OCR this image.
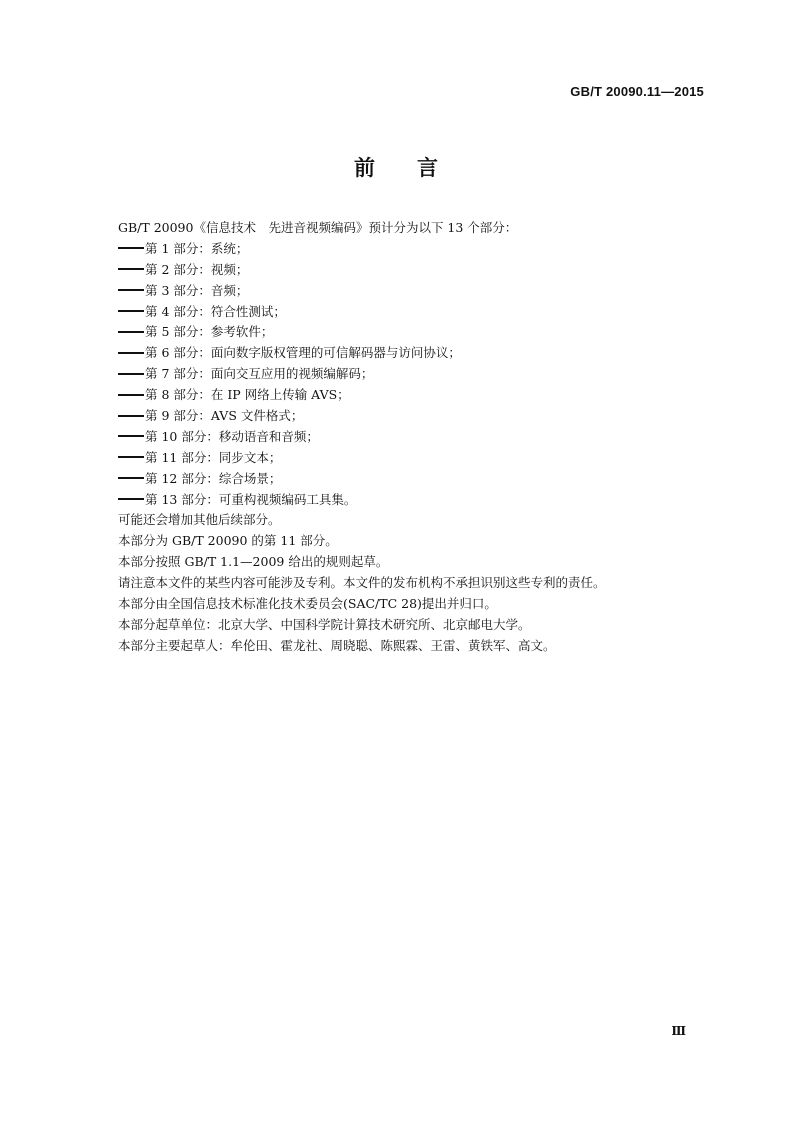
GB/T 20090.11—2015
前 言
GB/T 20090《信息技术　先进音视频编码》预计分为以下 13 个部分：
第 1 部分：系统；
第 2 部分：视频；
第 3 部分：音频；
第 4 部分：符合性测试；
第 5 部分：参考软件；
第 6 部分：面向数字版权管理的可信解码器与访问协议；
第 7 部分：面向交互应用的视频编解码；
第 8 部分：在 IP 网络上传输 AVS；
第 9 部分：AVS 文件格式；
第 10 部分：移动语音和音频；
第 11 部分：同步文本；
第 12 部分：综合场景；
第 13 部分：可重构视频编码工具集。
可能还会增加其他后续部分。
本部分为 GB/T 20090 的第 11 部分。
本部分按照 GB/T 1.1—2009 给出的规则起草。
请注意本文件的某些内容可能涉及专利。本文件的发布机构不承担识别这些专利的责任。
本部分由全国信息技术标准化技术委员会(SAC/TC 28)提出并归口。
本部分起草单位：北京大学、中国科学院计算技术研究所、北京邮电大学。
本部分主要起草人：牟伦田、霍龙社、周晓聪、陈熙霖、王雷、黄铁军、高文。
Ⅲ
